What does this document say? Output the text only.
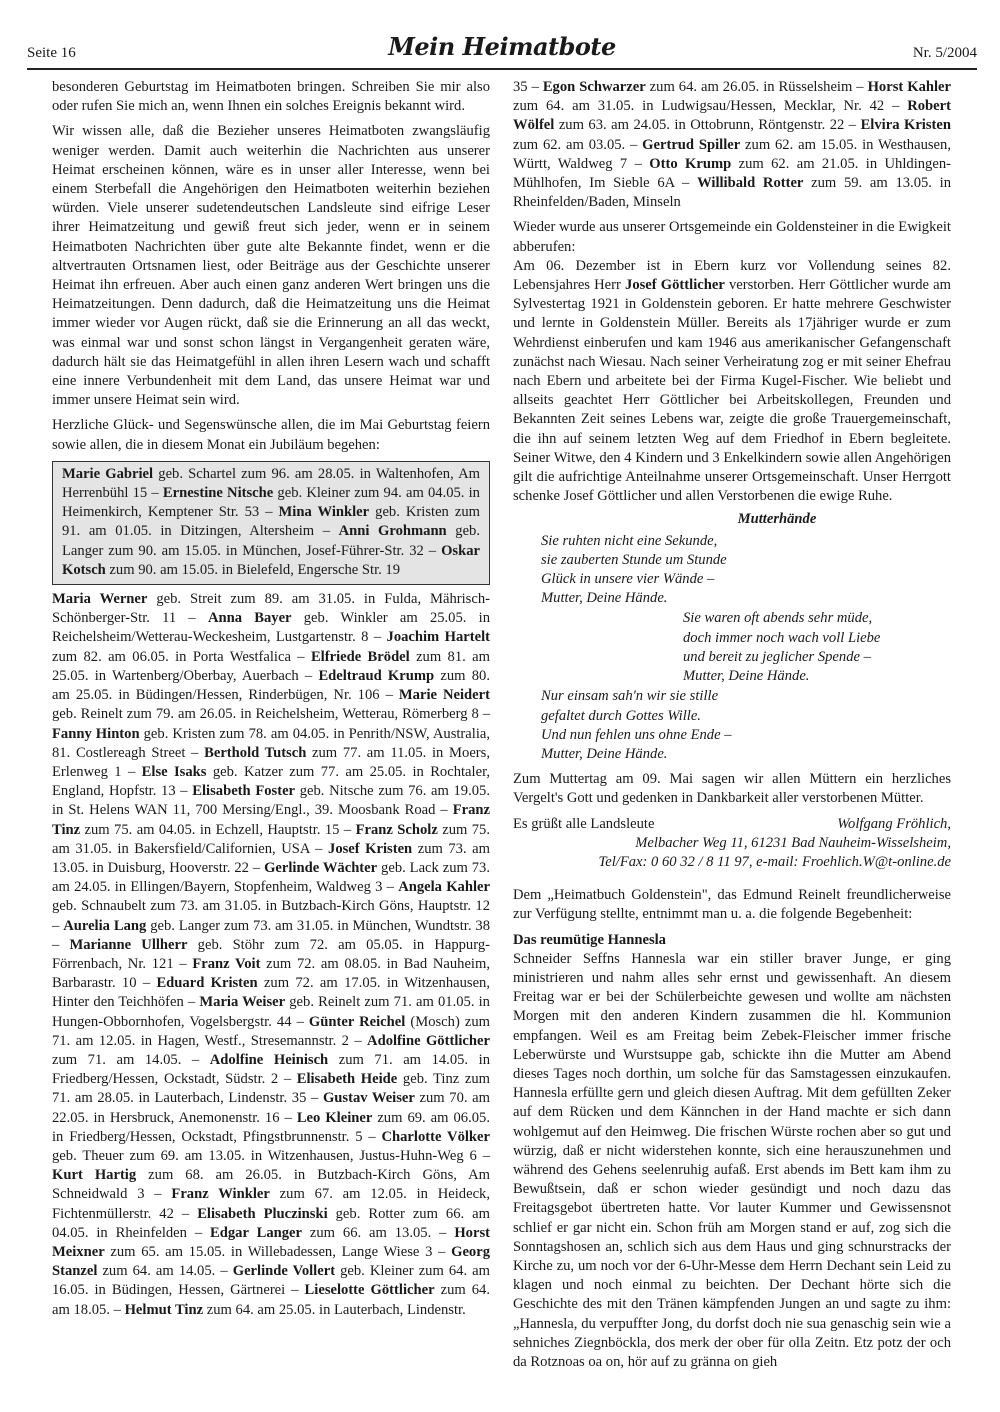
Seite 16	Mein Heimatbote	Nr. 5/2004

besonderen Geburtstag im Heimatboten bringen. Schreiben Sie mir also oder rufen Sie mich an, wenn Ihnen ein solches Ereignis bekannt wird.

Wir wissen alle, daß die Bezieher unseres Heimatboten zwangsläufig weniger werden. Damit auch weiterhin die Nachrichten aus unserer Heimat erscheinen können, wäre es in unser aller Interesse, wenn bei einem Sterbefall die Angehörigen den Heimatboten weiterhin beziehen würden. Viele unserer sudetendeutschen Landsleute sind eifrige Leser ihrer Heimatzeitung und gewiß freut sich jeder, wenn er in seinem Heimatboten Nachrichten über gute alte Bekannte findet, wenn er die altvertrauten Ortsnamen liest, oder Beiträge aus der Geschichte unserer Heimat ihn erfreuen. Aber auch einen ganz anderen Wert bringen uns die Heimatzeitungen. Denn dadurch, daß die Heimatzeitung uns die Heimat immer wieder vor Augen rückt, daß sie die Erinnerung an all das weckt, was einmal war und sonst schon längst in Vergangenheit geraten wäre, dadurch hält sie das Heimatgefühl in allen ihren Lesern wach und schafft eine innere Verbundenheit mit dem Land, das unsere Heimat war und immer unsere Heimat sein wird.

Herzliche Glück- und Segenswünsche allen, die im Mai Geburtstag feiern sowie allen, die in diesem Monat ein Jubiläum begehen:

Marie Gabriel geb. Schartel zum 96. am 28.05. in Waltenhofen, Am Herrenbühl 15 – Ernestine Nitsche geb. Kleiner zum 94. am 04.05. in Heimenkirch, Kemptener Str. 53 – Mina Winkler geb. Kristen zum 91. am 01.05. in Ditzingen, Altersheim – Anni Grohmann geb. Langer zum 90. am 15.05. in München, Josef-Führer-Str. 32 – Oskar Kotsch zum 90. am 15.05. in Bielefeld, Engersche Str. 19

Maria Werner geb. Streit zum 89. am 31.05. in Fulda, Mährisch-Schönberger-Str. 11 – Anna Bayer geb. Winkler am 25.05. in Reichelsheim/Wetterau-Weckesheim, Lustgartenstr. 8 – Joachim Hartelt zum 82. am 06.05. in Porta Westfalica – Elfriede Brödel zum 81. am 25.05. in Wartenberg/Oberbay, Auerbach – Edeltraud Krump zum 80. am 25.05. in Büdingen/Hessen, Rinderbügen, Nr. 106 – Marie Neidert geb. Reinelt zum 79. am 26.05. in Reichelsheim, Wetterau, Römerberg 8 – Fanny Hinton geb. Kristen zum 78. am 04.05. in Penrith/NSW, Australia, 81. Costlereagh Street – Berthold Tutsch zum 77. am 11.05. in Moers, Erlenweg 1 – Else Isaks geb. Katzer zum 77. am 25.05. in Rochtaler, England, Hopfstr. 13 – Elisabeth Foster geb. Nitsche zum 76. am 19.05. in St. Helens WAN 11, 700 Mersing/Engl., 39. Moosbank Road – Franz Tinz zum 75. am 04.05. in Echzell, Hauptstr. 15 – Franz Scholz zum 75. am 31.05. in Bakersfield/Californien, USA – Josef Kristen zum 73. am 13.05. in Duisburg, Hooverstr. 22 – Gerlinde Wächter geb. Lack zum 73. am 24.05. in Ellingen/Bayern, Stopfenheim, Waldweg 3 – Angela Kahler geb. Schnaubelt zum 73. am 31.05. in Butzbach-Kirch Göns, Hauptstr. 12 – Aurelia Lang geb. Langer zum 73. am 31.05. in München, Wundtstr. 38 – Marianne Ullherr geb. Stöhr zum 72. am 05.05. in Happurg-Förrenbach, Nr. 121 – Franz Voit zum 72. am 08.05. in Bad Nauheim, Barbarastr. 10 – Eduard Kristen zum 72. am 17.05. in Witzenhausen, Hinter den Teichhöfen – Maria Weiser geb. Reinelt zum 71. am 01.05. in Hungen-Obbornhofen, Vogelsbergstr. 44 – Günter Reichel (Mosch) zum 71. am 12.05. in Hagen, Westf., Stresemannstr. 2 – Adolfine Göttlicher zum 71. am 14.05. – Adolfine Heinisch zum 71. am 14.05. in Friedberg/Hessen, Ockstadt, Südstr. 2 – Elisabeth Heide geb. Tinz zum 71. am 28.05. in Lauterbach, Lindenstr. 35 – Gustav Weiser zum 70. am 22.05. in Hersbruck, Anemonenstr. 16 – Leo Kleiner zum 69. am 06.05. in Friedberg/Hessen, Ockstadt, Pfingstbrunnenstr. 5 – Charlotte Völker geb. Theuer zum 69. am 13.05. in Witzenhausen, Justus-Huhn-Weg 6 – Kurt Hartig zum 68. am 26.05. in Butzbach-Kirch Göns, Am Schneidwald 3 – Franz Winkler zum 67. am 12.05. in Heideck, Fichtenmüllerstr. 42 – Elisabeth Pluczinski geb. Rotter zum 66. am 04.05. in Rheinfelden – Edgar Langer zum 66. am 13.05. – Horst Meixner zum 65. am 15.05. in Willebadessen, Lange Wiese 3 – Georg Stanzel zum 64. am 14.05. – Gerlinde Vollert geb. Kleiner zum 64. am 16.05. in Büdingen, Hessen, Gärtnerei – Lieselotte Göttlicher zum 64. am 18.05. – Helmut Tinz zum 64. am 25.05. in Lauterbach, Lindenstr.

35 – Egon Schwarzer zum 64. am 26.05. in Rüsselsheim – Horst Kahler zum 64. am 31.05. in Ludwigsau/Hessen, Mecklar, Nr. 42 – Robert Wölfel zum 63. am 24.05. in Ottobrunn, Röntgenstr. 22 – Elvira Kristen zum 62. am 03.05. – Gertrud Spiller zum 62. am 15.05. in Westhausen, Württ, Waldweg 7 – Otto Krump zum 62. am 21.05. in Uhldingen-Mühlhofen, Im Sieble 6A – Willibald Rotter zum 59. am 13.05. in Rheinfelden/Baden, Minseln

Wieder wurde aus unserer Ortsgemeinde ein Goldensteiner in die Ewigkeit abberufen:
Am 06. Dezember ist in Ebern kurz vor Vollendung seines 82. Lebensjahres Herr Josef Göttlicher verstorben. Herr Göttlicher wurde am Sylvestertag 1921 in Goldenstein geboren. Er hatte mehrere Geschwister und lernte in Goldenstein Müller. Bereits als 17jähriger wurde er zum Wehrdienst einberufen und kam 1946 aus amerikanischer Gefangenschaft zunächst nach Wiesau. Nach seiner Verheiratung zog er mit seiner Ehefrau nach Ebern und arbeitete bei der Firma Kugel-Fischer. Wie beliebt und allseits geachtet Herr Göttlicher bei Arbeitskollegen, Freunden und Bekannten Zeit seines Lebens war, zeigte die große Trauergemeinschaft, die ihn auf seinem letzten Weg auf dem Friedhof in Ebern begleitete. Seiner Witwe, den 4 Kindern und 3 Enkelkindern sowie allen Angehörigen gilt die aufrichtige Anteilnahme unserer Ortsgemeinschaft. Unser Herrgott schenke Josef Göttlicher und allen Verstorbenen die ewige Ruhe.

Mutterhände
Sie ruhten nicht eine Sekunde,
sie zauberten Stunde um Stunde
Glück in unsere vier Wände –
Mutter, Deine Hände.
Sie waren oft abends sehr müde,
doch immer noch wach voll Liebe
und bereit zu jeglicher Spende –
Mutter, Deine Hände.
Nur einsam sah'n wir sie stille
gefaltet durch Gottes Wille.
Und nun fehlen uns ohne Ende –
Mutter, Deine Hände.

Zum Muttertag am 09. Mai sagen wir allen Müttern ein herzliches Vergelt's Gott und gedenken in Dankbarkeit aller verstorbenen Mütter.

Es grüßt alle Landsleute	Wolfgang Fröhlich,
Melbacher Weg 11, 61231 Bad Nauheim-Wisselsheim,
Tel/Fax: 0 60 32 / 8 11 97, e-mail: Froehlich.W@t-online.de

Dem „Heimatbuch Goldenstein", das Edmund Reinelt freundlicherweise zur Verfügung stellte, entnimmt man u. a. die folgende Begebenheit:

Das reumütige Hannesla

Schneider Seffns Hannesla war ein stiller braver Junge, er ging ministrieren und nahm alles sehr ernst und gewissenhaft. An diesem Freitag war er bei der Schülerbeichte gewesen und wollte am nächsten Morgen mit den anderen Kindern zusammen die hl. Kommunion empfangen. Weil es am Freitag beim Zebek-Fleischer immer frische Leberwürste und Wurstsuppe gab, schickte ihn die Mutter am Abend dieses Tages noch dorthin, um solche für das Samstagessen einzukaufen. Hannesla erfüllte gern und gleich diesen Auftrag. Mit dem gefüllten Zeker auf dem Rücken und dem Kännchen in der Hand machte er sich dann wohlgemut auf den Heimweg. Die frischen Würste rochen aber so gut und würzig, daß er nicht widerstehen konnte, sich eine herauszunehmen und während des Gehens seelenruhig aufaß. Erst abends im Bett kam ihm zu Bewußtsein, daß er schon wieder gesündigt und noch dazu das Freitagsgebot übertreten hatte. Vor lauter Kummer und Gewissensnot schlief er gar nicht ein. Schon früh am Morgen stand er auf, zog sich die Sonntagshosen an, schlich sich aus dem Haus und ging schnurstracks der Kirche zu, um noch vor der 6-Uhr-Messe dem Herrn Dechant sein Leid zu klagen und noch einmal zu beichten. Der Dechant hörte sich die Geschichte des mit den Tränen kämpfenden Jungen an und sagte zu ihm: „Hannesla, du verpuffter Jong, du dorfst doch nie sua genaschig sein wie a sehniches Ziegnböckla, dos merk der ober für olla Zeitn. Etz potz der och da Rotznoas oa on, hör auf zu gränna on gieh
